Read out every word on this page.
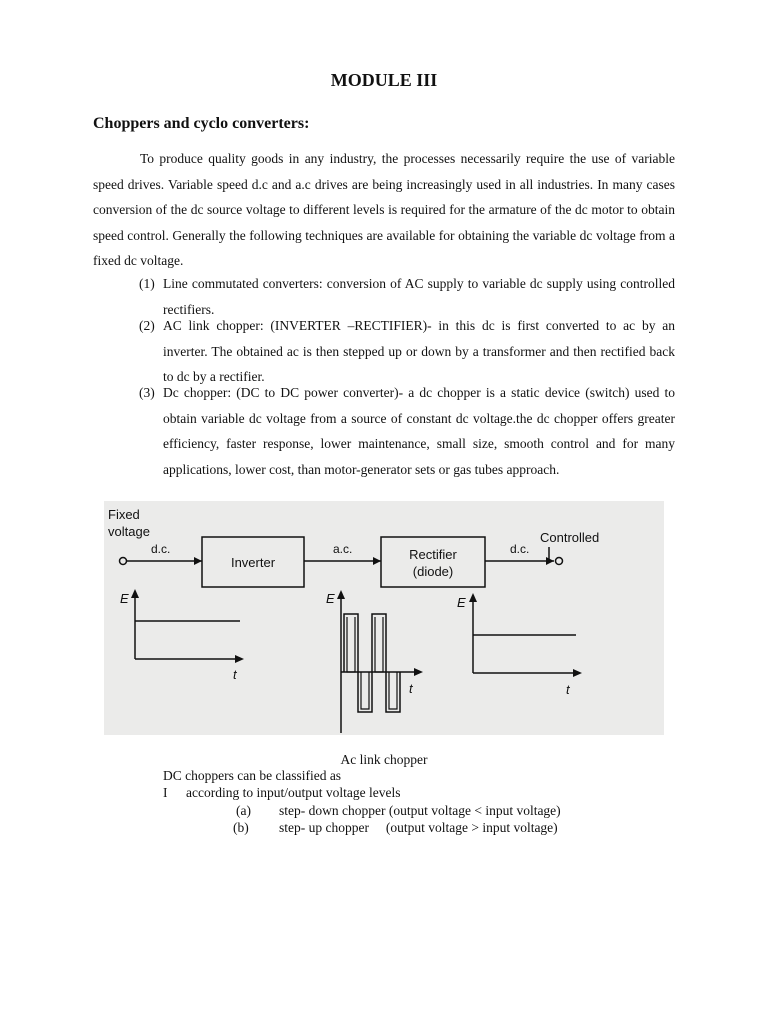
MODULE III
Choppers and cyclo converters:

To produce quality goods in any industry, the processes necessarily require the use of variable speed drives. Variable speed d.c and a.c drives are being increasingly used in all industries. In many cases conversion of the dc source voltage to different levels is required for the armature of the dc motor to obtain speed control. Generally the following techniques are available for obtaining the variable dc voltage from a fixed dc voltage.

(1) Line commutated converters: conversion of AC supply to variable dc supply using controlled rectifiers.

(2) AC link chopper: (INVERTER –RECTIFIER)- in this dc is first converted to ac by an inverter. The obtained ac is then stepped up or down by a transformer and then rectified back to dc by a rectifier.

(3) Dc chopper: (DC to DC power converter)- a dc chopper is a static device (switch) used to obtain variable dc voltage from a source of constant dc voltage.the dc chopper offers greater efficiency, faster response, lower maintenance, small size, smooth control and for many applications, lower cost, than motor-generator sets or gas tubes approach.

Fixed
voltage
d.c.
Inverter
a.c.	Rectifier
(diode)
d.c.
Controlled
E
t
E
t
E
t
Ac link chopper
DC choppers can be classified as
I according to input/output voltage levels
(a) step- down chopper (output voltage < input voltage)
(b) step- up chopper     (output voltage > input voltage)
